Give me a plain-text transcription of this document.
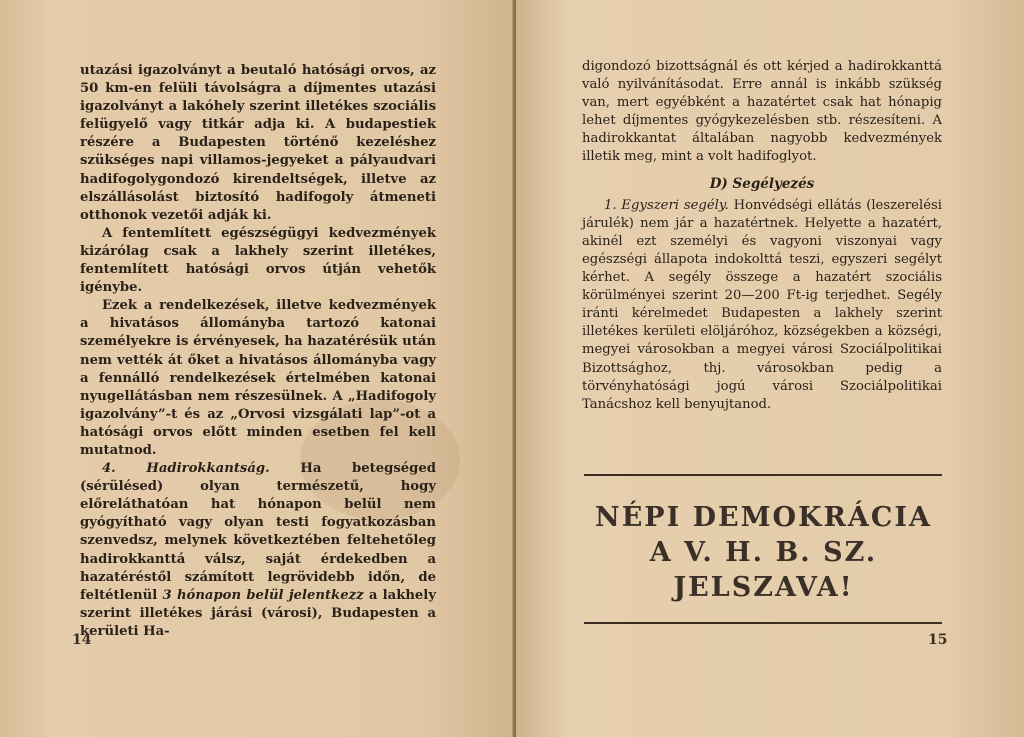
utazási igazolványt a beutaló hatósági orvos, az 50 km-en felüli távolságra a díjmentes utazási igazolványt a lakóhely szerint illetékes szociális felügyelő vagy titkár adja ki. A budapestiek részére a Budapesten történő kezeléshez szükséges napi villamos-jegyeket a pályaudvari hadifogolygondozó kirendeltségek, illetve az elszállásolást biztosító hadifogoly átmeneti otthonok vezetői adják ki.

A fentemlített egészségügyi kedvezmények kizárólag csak a lakhely szerint illetékes, fentemlített hatósági orvos útján vehetők igénybe.

Ezek a rendelkezések, illetve kedvezmények a hivatásos állományba tartozó katonai személyekre is érvényesek, ha hazatérésük után nem vették át őket a hivatásos állományba vagy a fennálló rendelkezések értelmében katonai nyugellátásban nem részesülnek. A „Hadifogoly igazolvány”-t és az „Orvosi vizsgálati lap”-ot a hatósági orvos előtt minden esetben fel kell mutatnod.

4. Hadirokkantság. Ha betegséged (sérülésed) olyan természetű, hogy előreláthatóan hat hónapon belül nem gyógyítható vagy olyan testi fogyatkozásban szenvedsz, melynek következtében feltehetőleg hadirokkanttá válsz, saját érdekedben a hazatéréstől számított legrövidebb időn, de feltétlenül 3 hónapon belül jelentkezz a lakhely szerint illetékes járási (városi), Budapesten a kerületi Ha-

14

digondozó bizottságnál és ott kérjed a hadirokkanttá való nyilvánításodat. Erre annál is inkább szükség van, mert egyébként a hazatértet csak hat hónapig lehet díjmentes gyógykezelésben stb. részesíteni. A hadirokkantat általában nagyobb kedvezmények illetik meg, mint a volt hadifoglyot.

D) Segélyezés

1. Egyszeri segély. Honvédségi ellátás (leszerelési járulék) nem jár a hazatértnek. Helyette a hazatért, akinél ezt személyi és vagyoni viszonyai vagy egészségi állapota indokolttá teszi, egyszeri segélyt kérhet. A segély összege a hazatért szociális körülményei szerint 20—200 Ft-ig terjedhet. Segély iránti kérelmedet Budapesten a lakhely szerint illetékes kerületi elöljáróhoz, községekben a községi, megyei városokban a megyei városi Szociálpolitikai Bizottsághoz, thj. városokban pedig a törvényhatósági jogú városi Szociálpolitikai Tanácshoz kell benyujtanod.

NÉPI DEMOKRÁCIA
A V. H. B. SZ.
JELSZAVA!
15
